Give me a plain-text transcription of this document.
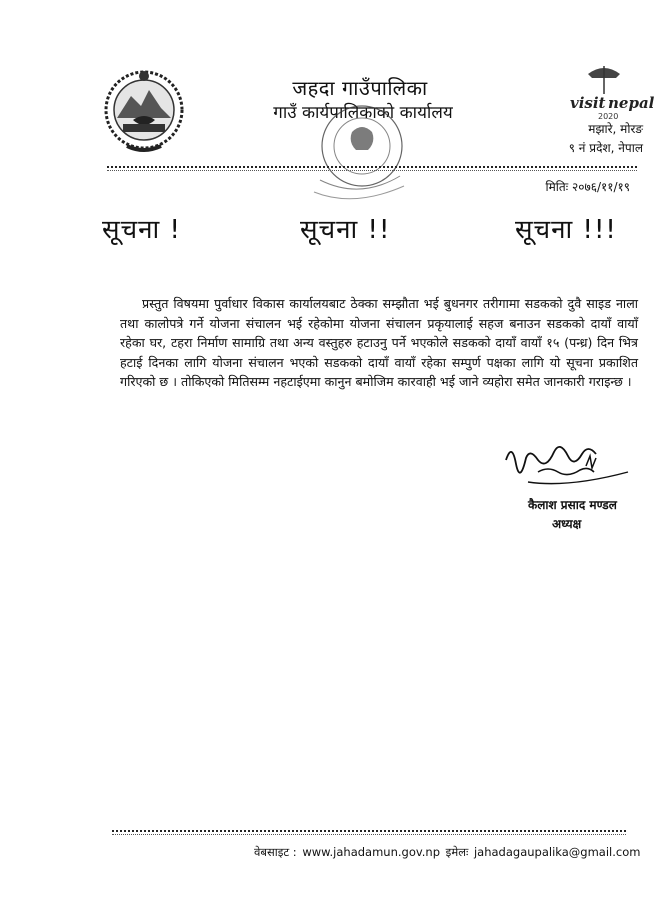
visit nepal
2020
जहदा गाउँपालिका
गाउँ कार्यपालिकाको कार्यालय
मझारे, मोरङ
९ नं प्रदेश, नेपाल
मितिः २०७६/११/१९
सूचना !	सूचना !!	सूचना !!!
प्रस्तुत विषयमा पुर्वाधार विकास कार्यालयबाट ठेक्का सम्झौता भई बुधनगर तरीगामा सडकको दुवै साइड नाला तथा कालोपत्रे गर्ने योजना संचालन भई रहेकोमा योजना संचालन प्रकृयालाई सहज बनाउन सडकको दायाँ वायाँ रहेका घर, टहरा निर्माण सामाग्रि तथा अन्य वस्तुहरु हटाउनु पर्ने भएकोले सडकको दायाँ वायाँ १५ (पन्ध्र) दिन भित्र हटाई दिनका लागि योजना संचालन भएको सडकको दायाँ वायाँ रहेका सम्पुर्ण पक्षका लागि यो सूचना प्रकाशित गरिएको छ । तोकिएको मितिसम्म नहटाईएमा कानुन बमोजिम कारवाही भई जाने व्यहोरा समेत जानकारी गराइन्छ ।
कैलाश प्रसाद मण्डल
अध्यक्ष
वेबसाइट : www.jahadamun.gov.np इमेलः jahadagaupalika@gmail.com
